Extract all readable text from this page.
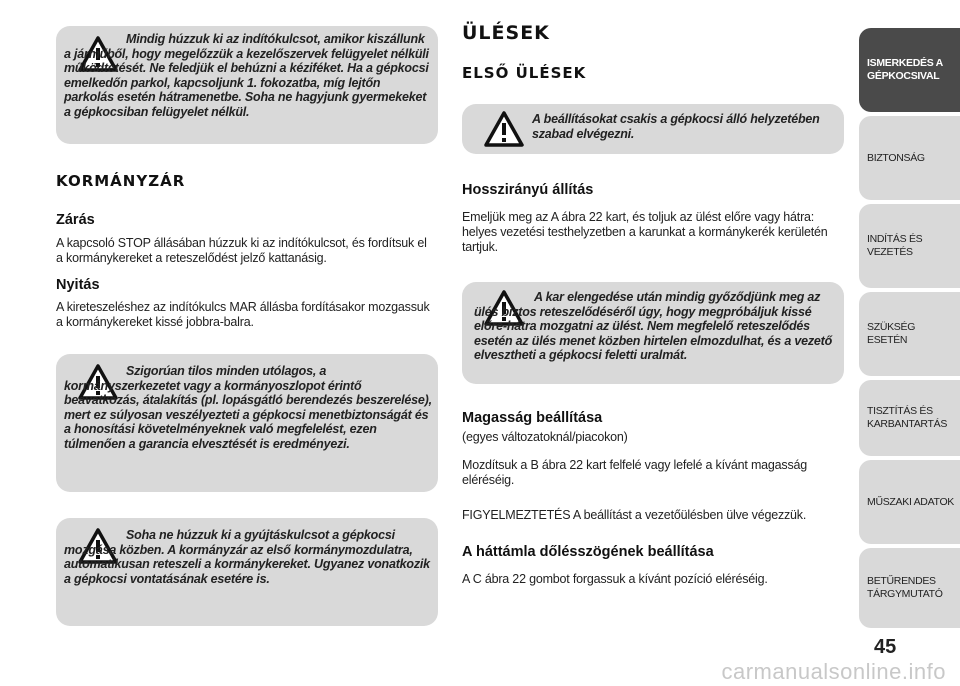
Mindig húzzuk ki az indítókulcsot, amikor kiszállunk a járműből, hogy megelőzzük a kezelőszervek felügyelet nélküli működtetését. Ne feledjük el behúzni a kéziféket. Ha a gépkocsi emelkedőn parkol, kapcsoljunk 1. fokozatba, míg lejtőn parkolás esetén hátramenetbe. Soha ne hagyjunk gyermekeket a gépkocsiban felügyelet nélkül.
KORMÁNYZÁR
Zárás
A kapcsoló STOP állásában húzzuk ki az indítókulcsot, és fordítsuk el a kormánykereket a reteszelődést jelző kattanásig.
Nyitás
A kireteszeléshez az indítókulcs MAR állásba fordításakor mozgassuk a kormánykereket kissé jobbra-balra.
Szigorúan tilos minden utólagos, a kormányszerkezetet vagy a kormányoszlopot érintő beavatkozás, átalakítás (pl. lopásgátló berendezés beszerelése), mert ez súlyosan veszélyezteti a gépkocsi menetbiztonságát és a honosítási követelményeknek való megfelelést, ezen túlmenően a garancia elvesztését is eredményezi.
Soha ne húzzuk ki a gyújtáskulcsot a gépkocsi mozgása közben. A kormányzár az első kormánymozdulatra, automatikusan reteszeli a kormánykereket. Ugyanez vonatkozik a gépkocsi vontatásának esetére is.
ÜLÉSEK
ELSŐ ÜLÉSEK
A beállításokat csakis a gépkocsi álló helyzetében szabad elvégezni.
Hosszirányú állítás
Emeljük meg az A ábra 22 kart, és toljuk az ülést előre vagy hátra: helyes vezetési testhelyzetben a karunkat a kormánykerék kerületén tartjuk.
A kar elengedése után mindig győződjünk meg az ülés biztos reteszelődéséről úgy, hogy megpróbáljuk kissé előre-hátra mozgatni az ülést. Nem megfelelő reteszelődés esetén az ülés menet közben hirtelen elmozdulhat, és a vezető elvesztheti a gépkocsi feletti uralmát.
Magasság beállítása
(egyes változatoknál/piacokon)
Mozdítsuk a B ábra 22 kart felfelé vagy lefelé a kívánt magasság eléréséig.
FIGYELMEZTETÉS A beállítást a vezetőülésben ülve végezzük.
A háttámla dőlésszögének beállítása
A C ábra 22 gombot forgassuk a kívánt pozíció eléréséig.
ISMERKEDÉS A GÉPKOCSIVAL
BIZTONSÁG
INDÍTÁS ÉS VEZETÉS
SZÜKSÉG ESETÉN
TISZTÍTÁS ÉS KARBANTARTÁS
MŰSZAKI ADATOK
BETŰRENDES TÁRGYMUTATÓ
45
carmanualsonline.info
